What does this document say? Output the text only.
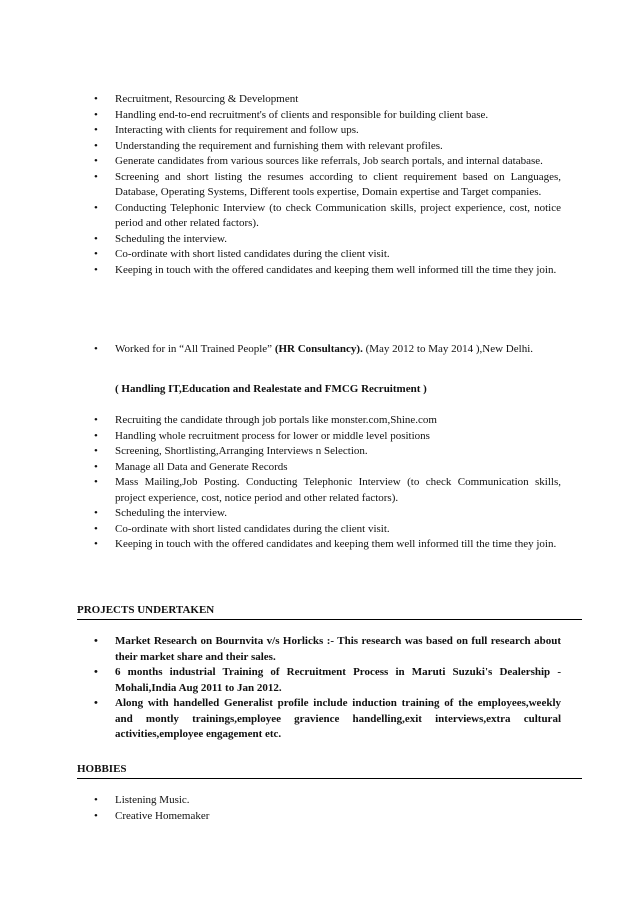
• Recruitment, Resourcing & Development
• Handling end-to-end recruitment's of clients and responsible for building client base.
• Interacting with clients for requirement and follow ups.
• Understanding the requirement and furnishing them with relevant profiles.
• Generate candidates from various sources like referrals, Job search portals, and internal database.
• Screening and short listing the resumes according to client requirement based on Languages, Database, Operating Systems, Different tools expertise, Domain expertise and Target companies.
• Conducting Telephonic Interview (to check Communication skills, project experience, cost, notice period and other related factors).
• Scheduling the interview.
• Co-ordinate with short listed candidates during the client visit.
• Keeping in touch with the offered candidates and keeping them well informed till the time they join.
• Worked for in “All Trained People” (HR Consultancy). (May 2012 to May 2014 ),New Delhi.
( Handling IT,Education and Realestate and FMCG Recruitment )
• Recruiting the candidate through job portals like monster.com,Shine.com
• Handling whole recruitment process for lower or middle level positions
• Screening, Shortlisting,Arranging Interviews n Selection.
• Manage all Data and Generate Records
• Mass Mailing,Job Posting. Conducting Telephonic Interview (to check Communication skills, project experience, cost, notice period and other related factors).
• Scheduling the interview.
• Co-ordinate with short listed candidates during the client visit.
• Keeping in touch with the offered candidates and keeping them well informed till the time they join.
PROJECTS UNDERTAKEN
• Market Research on Bournvita v/s Horlicks :- This research was based on full research about their market share and their sales.
• 6 months industrial Training of Recruitment Process in Maruti Suzuki's Dealership - Mohali,India Aug 2011 to Jan 2012.
• Along with handelled Generalist profile include induction training of the employees,weekly and montly trainings,employee gravience handelling,exit interviews,extra cultural activities,employee engagement etc.
HOBBIES
• Listening Music.
• Creative Homemaker
